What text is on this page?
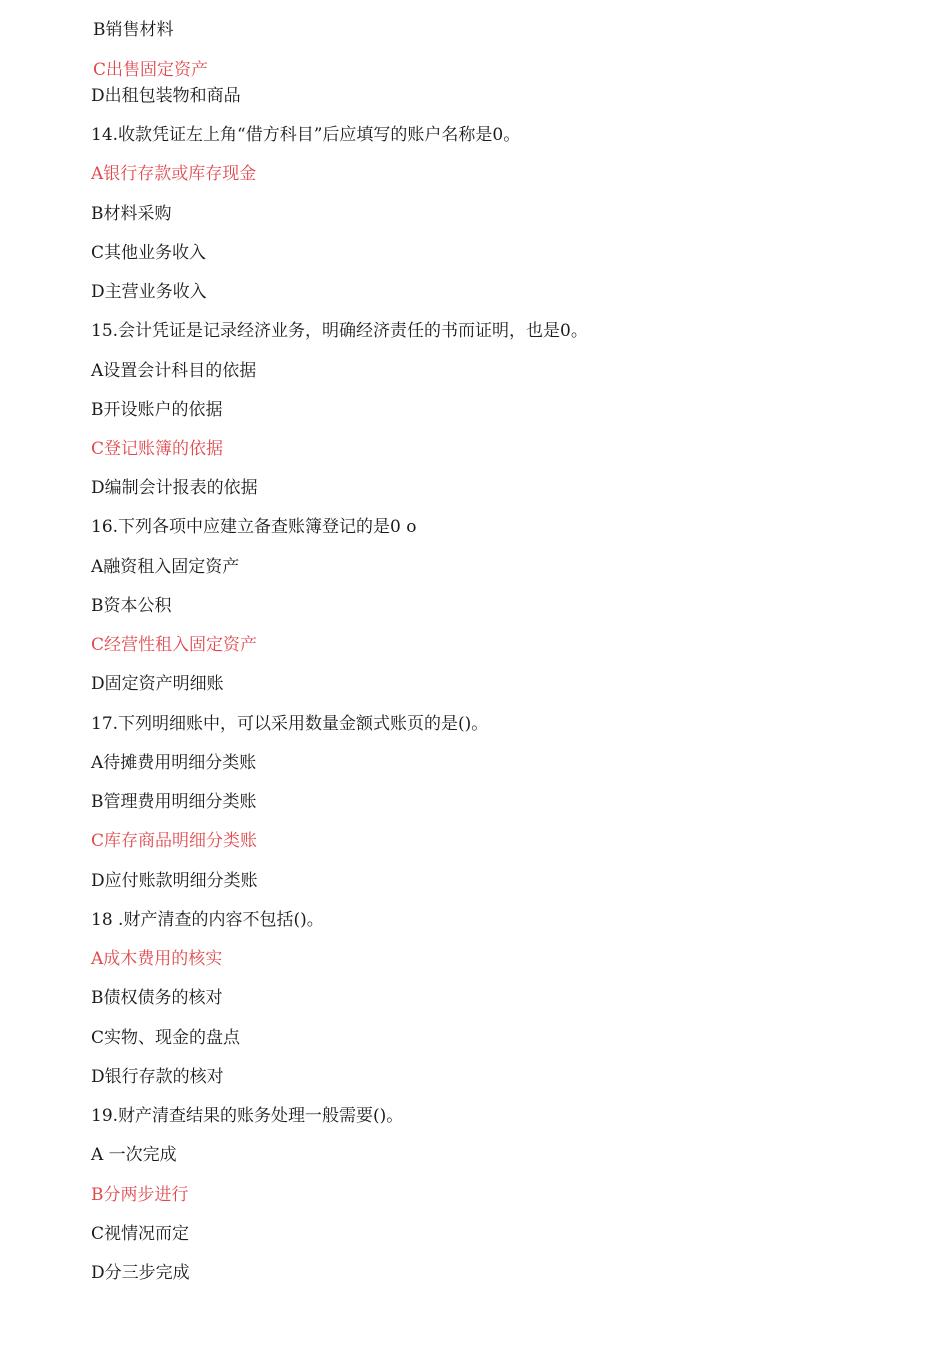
B销售材料
C出售固定资产
D出租包装物和商品
14.收款凭证左上角“借方科目”后应填写的账户名称是0。
A银行存款或库存现金
B材料采购
C其他业务收入
D主营业务收入
15.会计凭证是记录经济业务，明确经济责任的书而证明，也是0。
A设置会计科目的依据
B开设账户的依据
C登记账簿的依据
D编制会计报表的依据
16.下列各项中应建立备查账簿登记的是0 o
A融资租入固定资产
B资本公积
C经营性租入固定资产
D固定资产明细账
17.下列明细账中，可以采用数量金额式账页的是()。
A待摊费用明细分类账
B管理费用明细分类账
C库存商品明细分类账
D应付账款明细分类账
18 .财产清查的内容不包括()。
A成木费用的核实
B债权债务的核对
C实物、现金的盘点
D银行存款的核对
19.财产清查结果的账务处理一般需要()。
A 一次完成
B分两步进行
C视情况而定
D分三步完成
